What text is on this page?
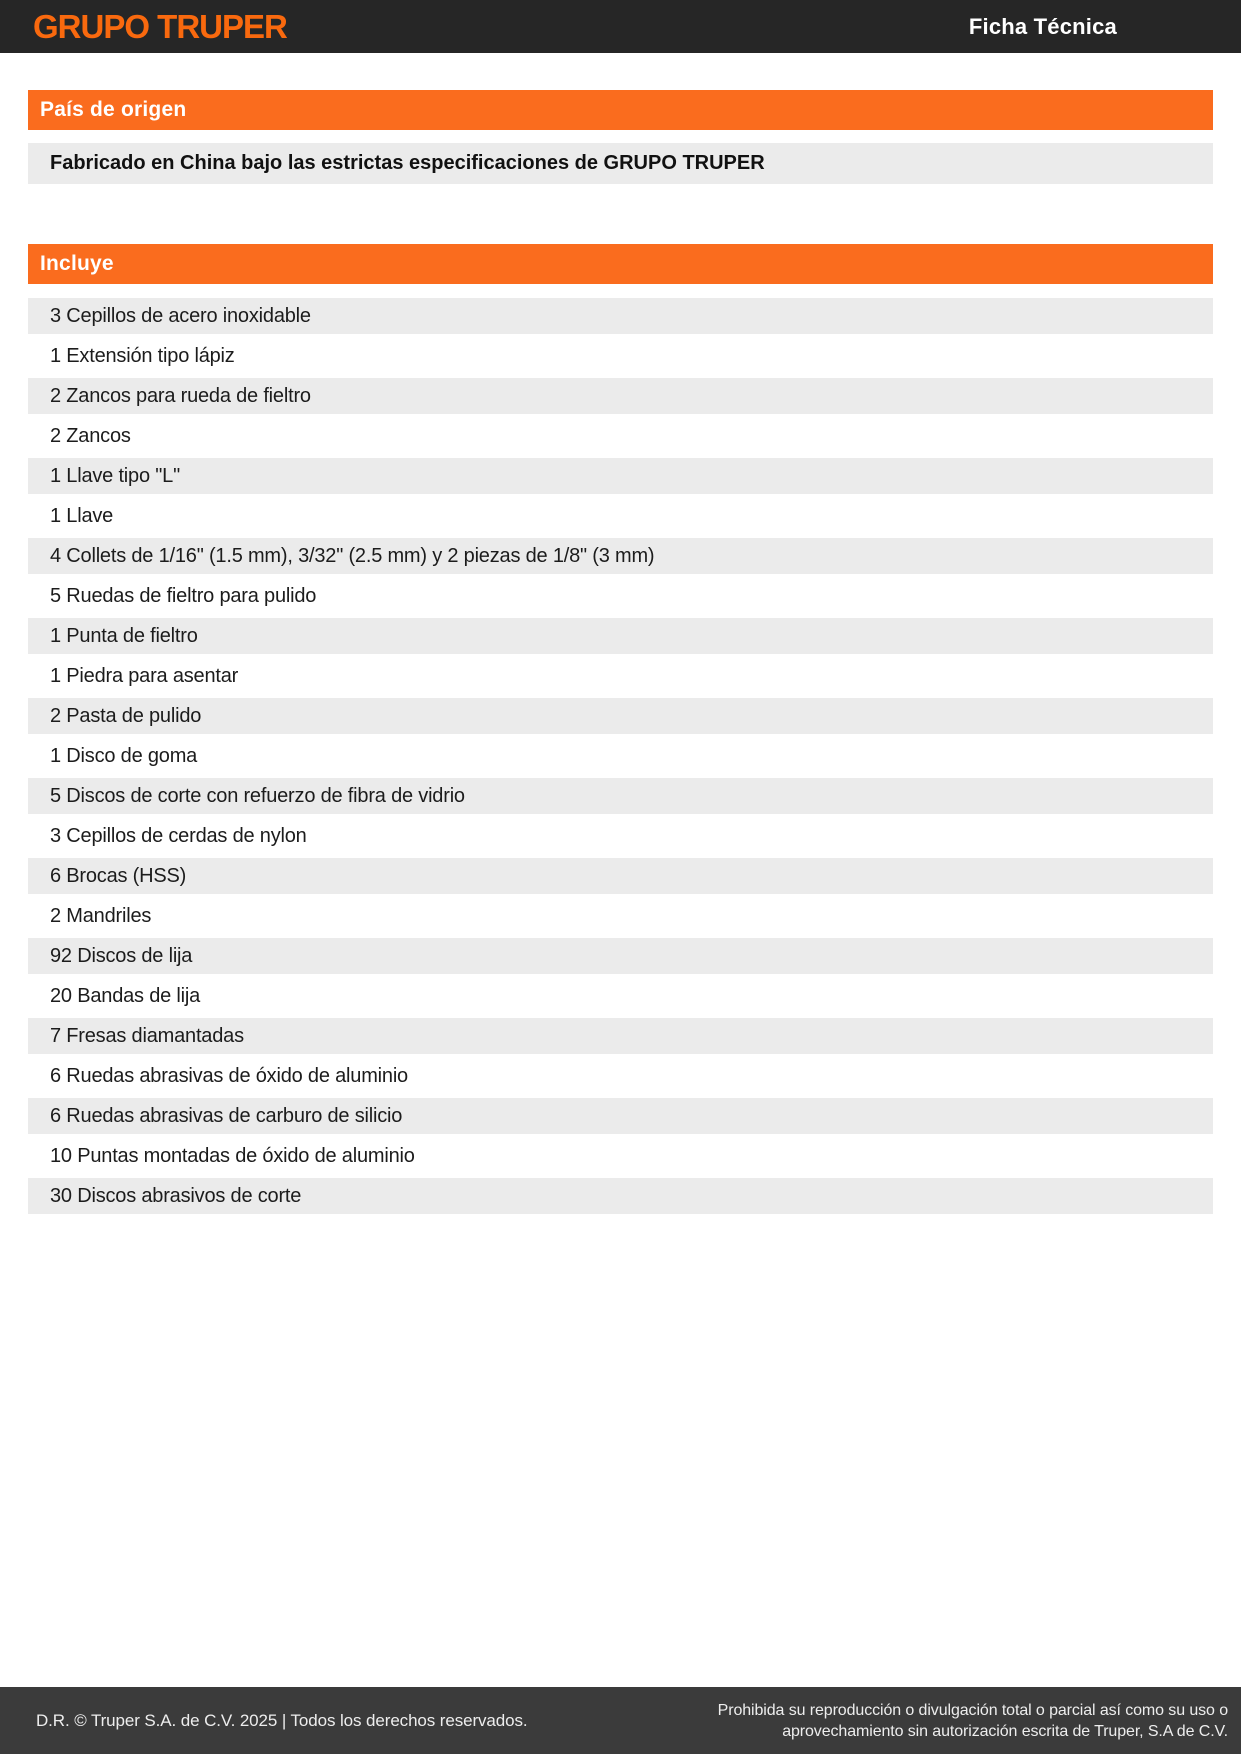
GRUPO TRUPER	Ficha Técnica
País de origen
Fabricado en China bajo las estrictas especificaciones de GRUPO TRUPER
Incluye
3 Cepillos de acero inoxidable
1 Extensión tipo lápiz
2 Zancos para rueda de fieltro
2 Zancos
1 Llave tipo "L"
1 Llave
4 Collets de 1/16" (1.5 mm), 3/32" (2.5 mm) y 2 piezas de 1/8" (3 mm)
5 Ruedas de fieltro para pulido
1 Punta de fieltro
1 Piedra para asentar
2 Pasta de pulido
1 Disco de goma
5 Discos de corte con refuerzo de fibra de vidrio
3 Cepillos de cerdas de nylon
6 Brocas (HSS)
2 Mandriles
92 Discos de lija
20 Bandas de lija
7 Fresas diamantadas
6 Ruedas abrasivas de óxido de aluminio
6 Ruedas abrasivas de carburo de silicio
10 Puntas montadas de óxido de aluminio
30 Discos abrasivos de corte
D.R. © Truper S.A. de C.V. 2025 | Todos los derechos reservados.
Prohibida su reproducción o divulgación total o parcial así como su uso o
aprovechamiento sin autorización escrita de Truper, S.A de C.V.
